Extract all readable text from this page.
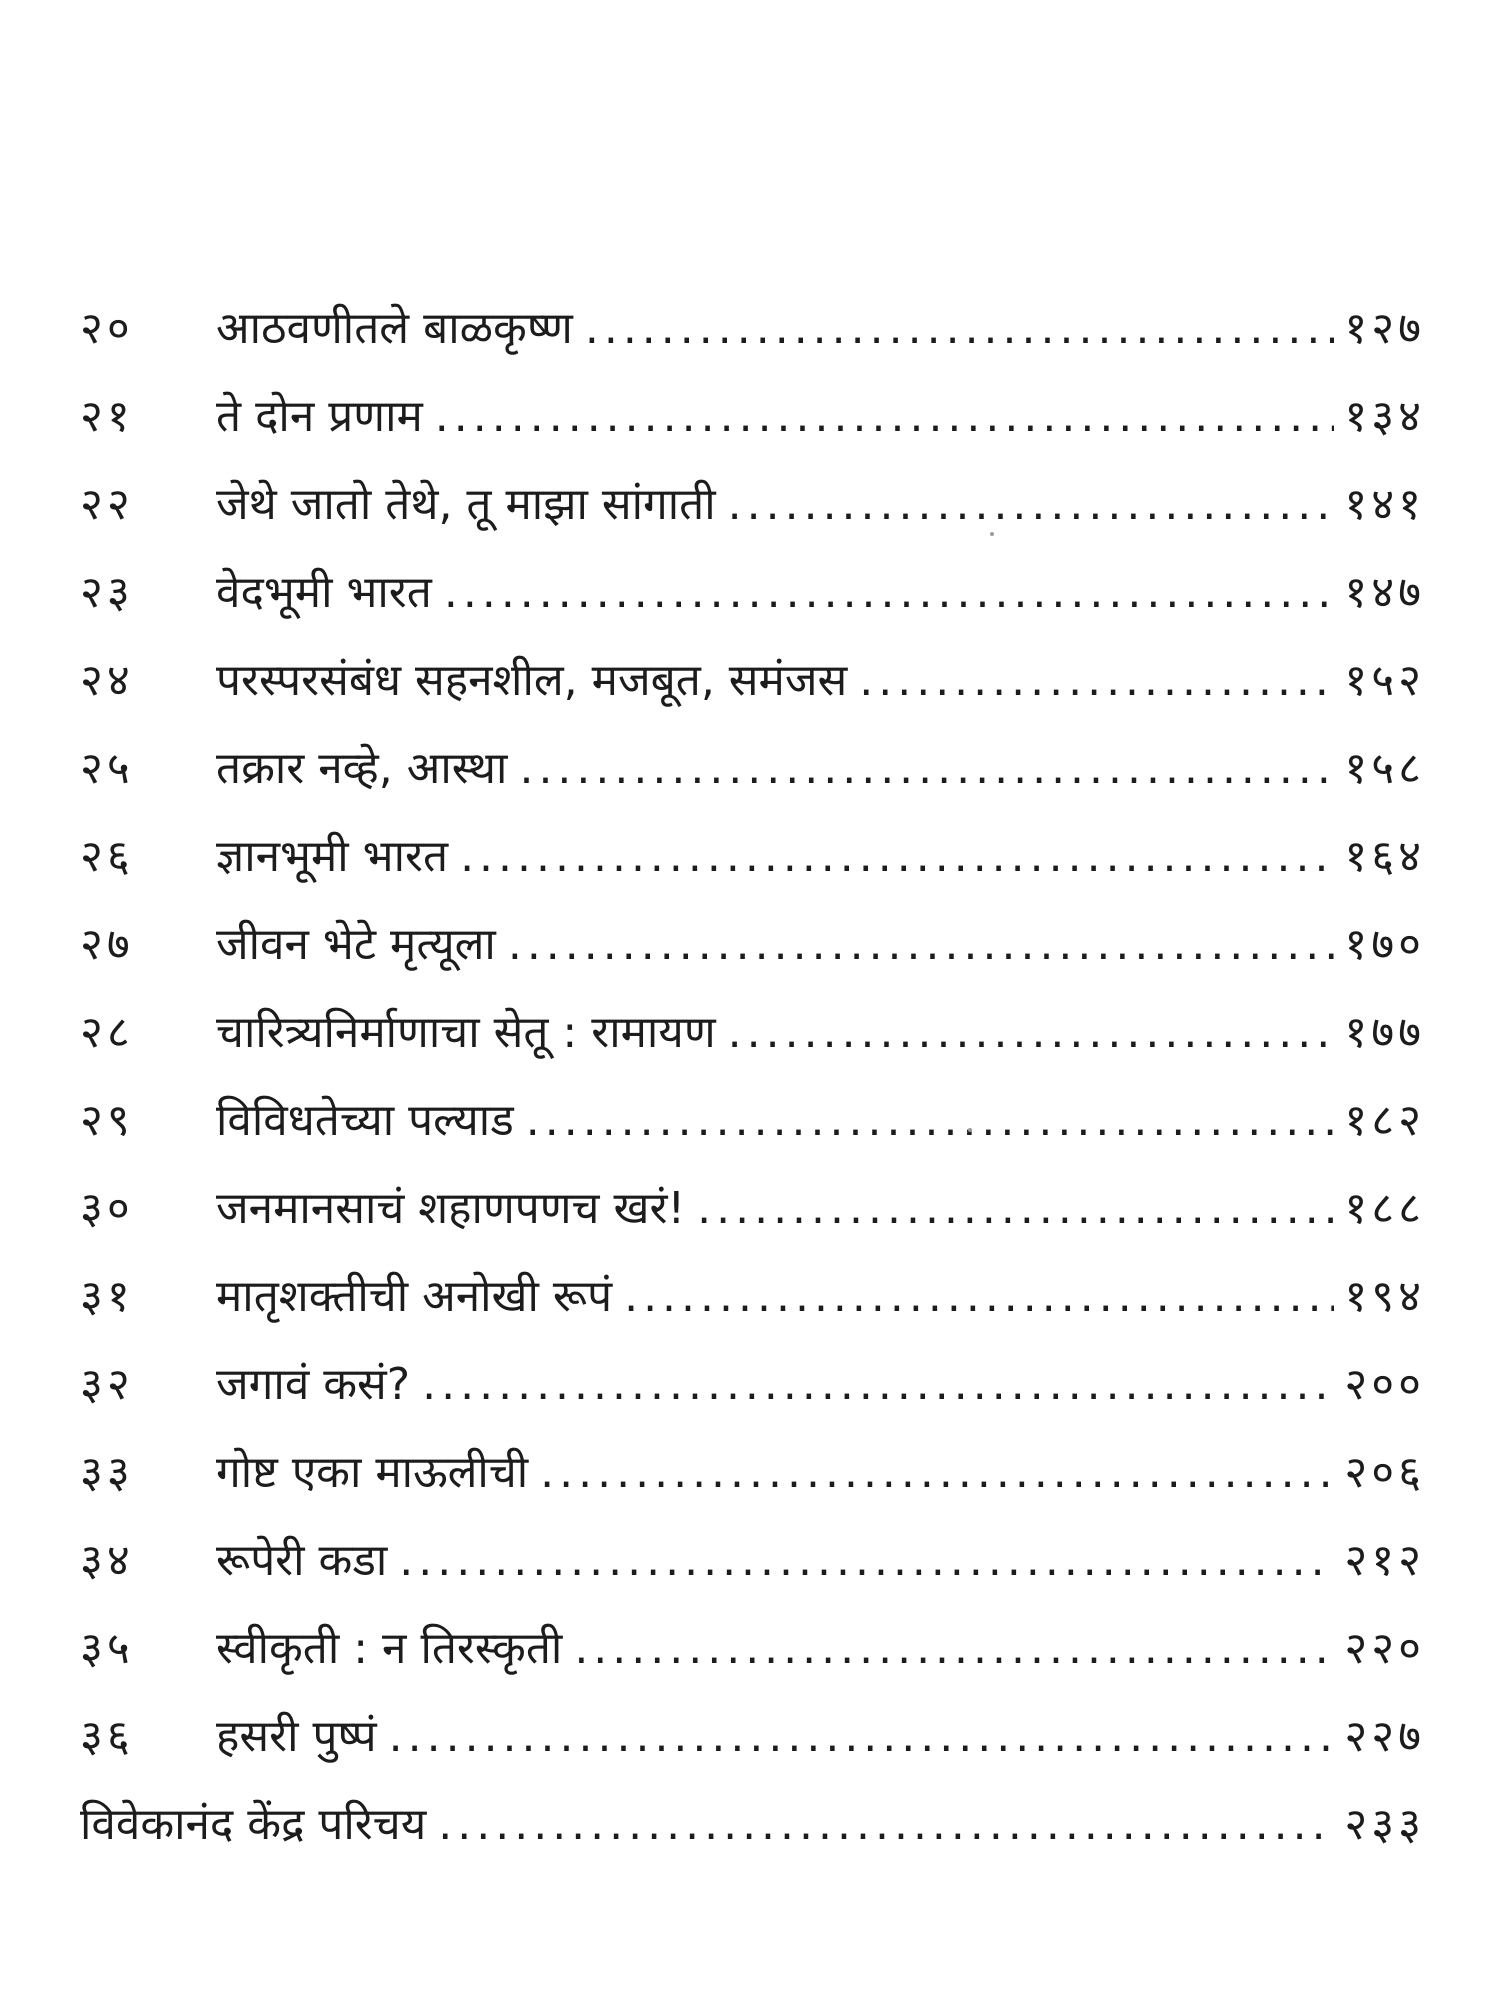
२०	आठवणीतले बाळकृष्ण .....	१२७
२१	ते दोन प्रणाम .....	१३४
२२	जेथे जातो तेथे, तू माझा सांगाती .....	१४१
२३	वेदभूमी भारत .....	१४७
२४	परस्परसंबंध सहनशील, मजबूत, समंजस .....	१५२
२५	तक्रार नव्हे, आस्था .....	१५८
२६	ज्ञानभूमी भारत .....	१६४
२७	जीवन भेटे मृत्यूला .....	१७०
२८	चारित्र्यनिर्माणाचा सेतू : रामायण .....	१७७
२९	विविधतेच्या पल्याड .....	१८२
३०	जनमानसाचं शहाणपणच खरं! .....	१८८
३१	मातृशक्तीची अनोखी रूपं .....	१९४
३२	जगावं कसं? .....	२००
३३	गोष्ट एका माऊलीची .....	२०६
३४	रूपेरी कडा .....	२१२
३५	स्वीकृती : न तिरस्कृती .....	२२०
३६	हसरी पुष्पं .....	२२७
विवेकानंद केंद्र परिचय .....	२३३
